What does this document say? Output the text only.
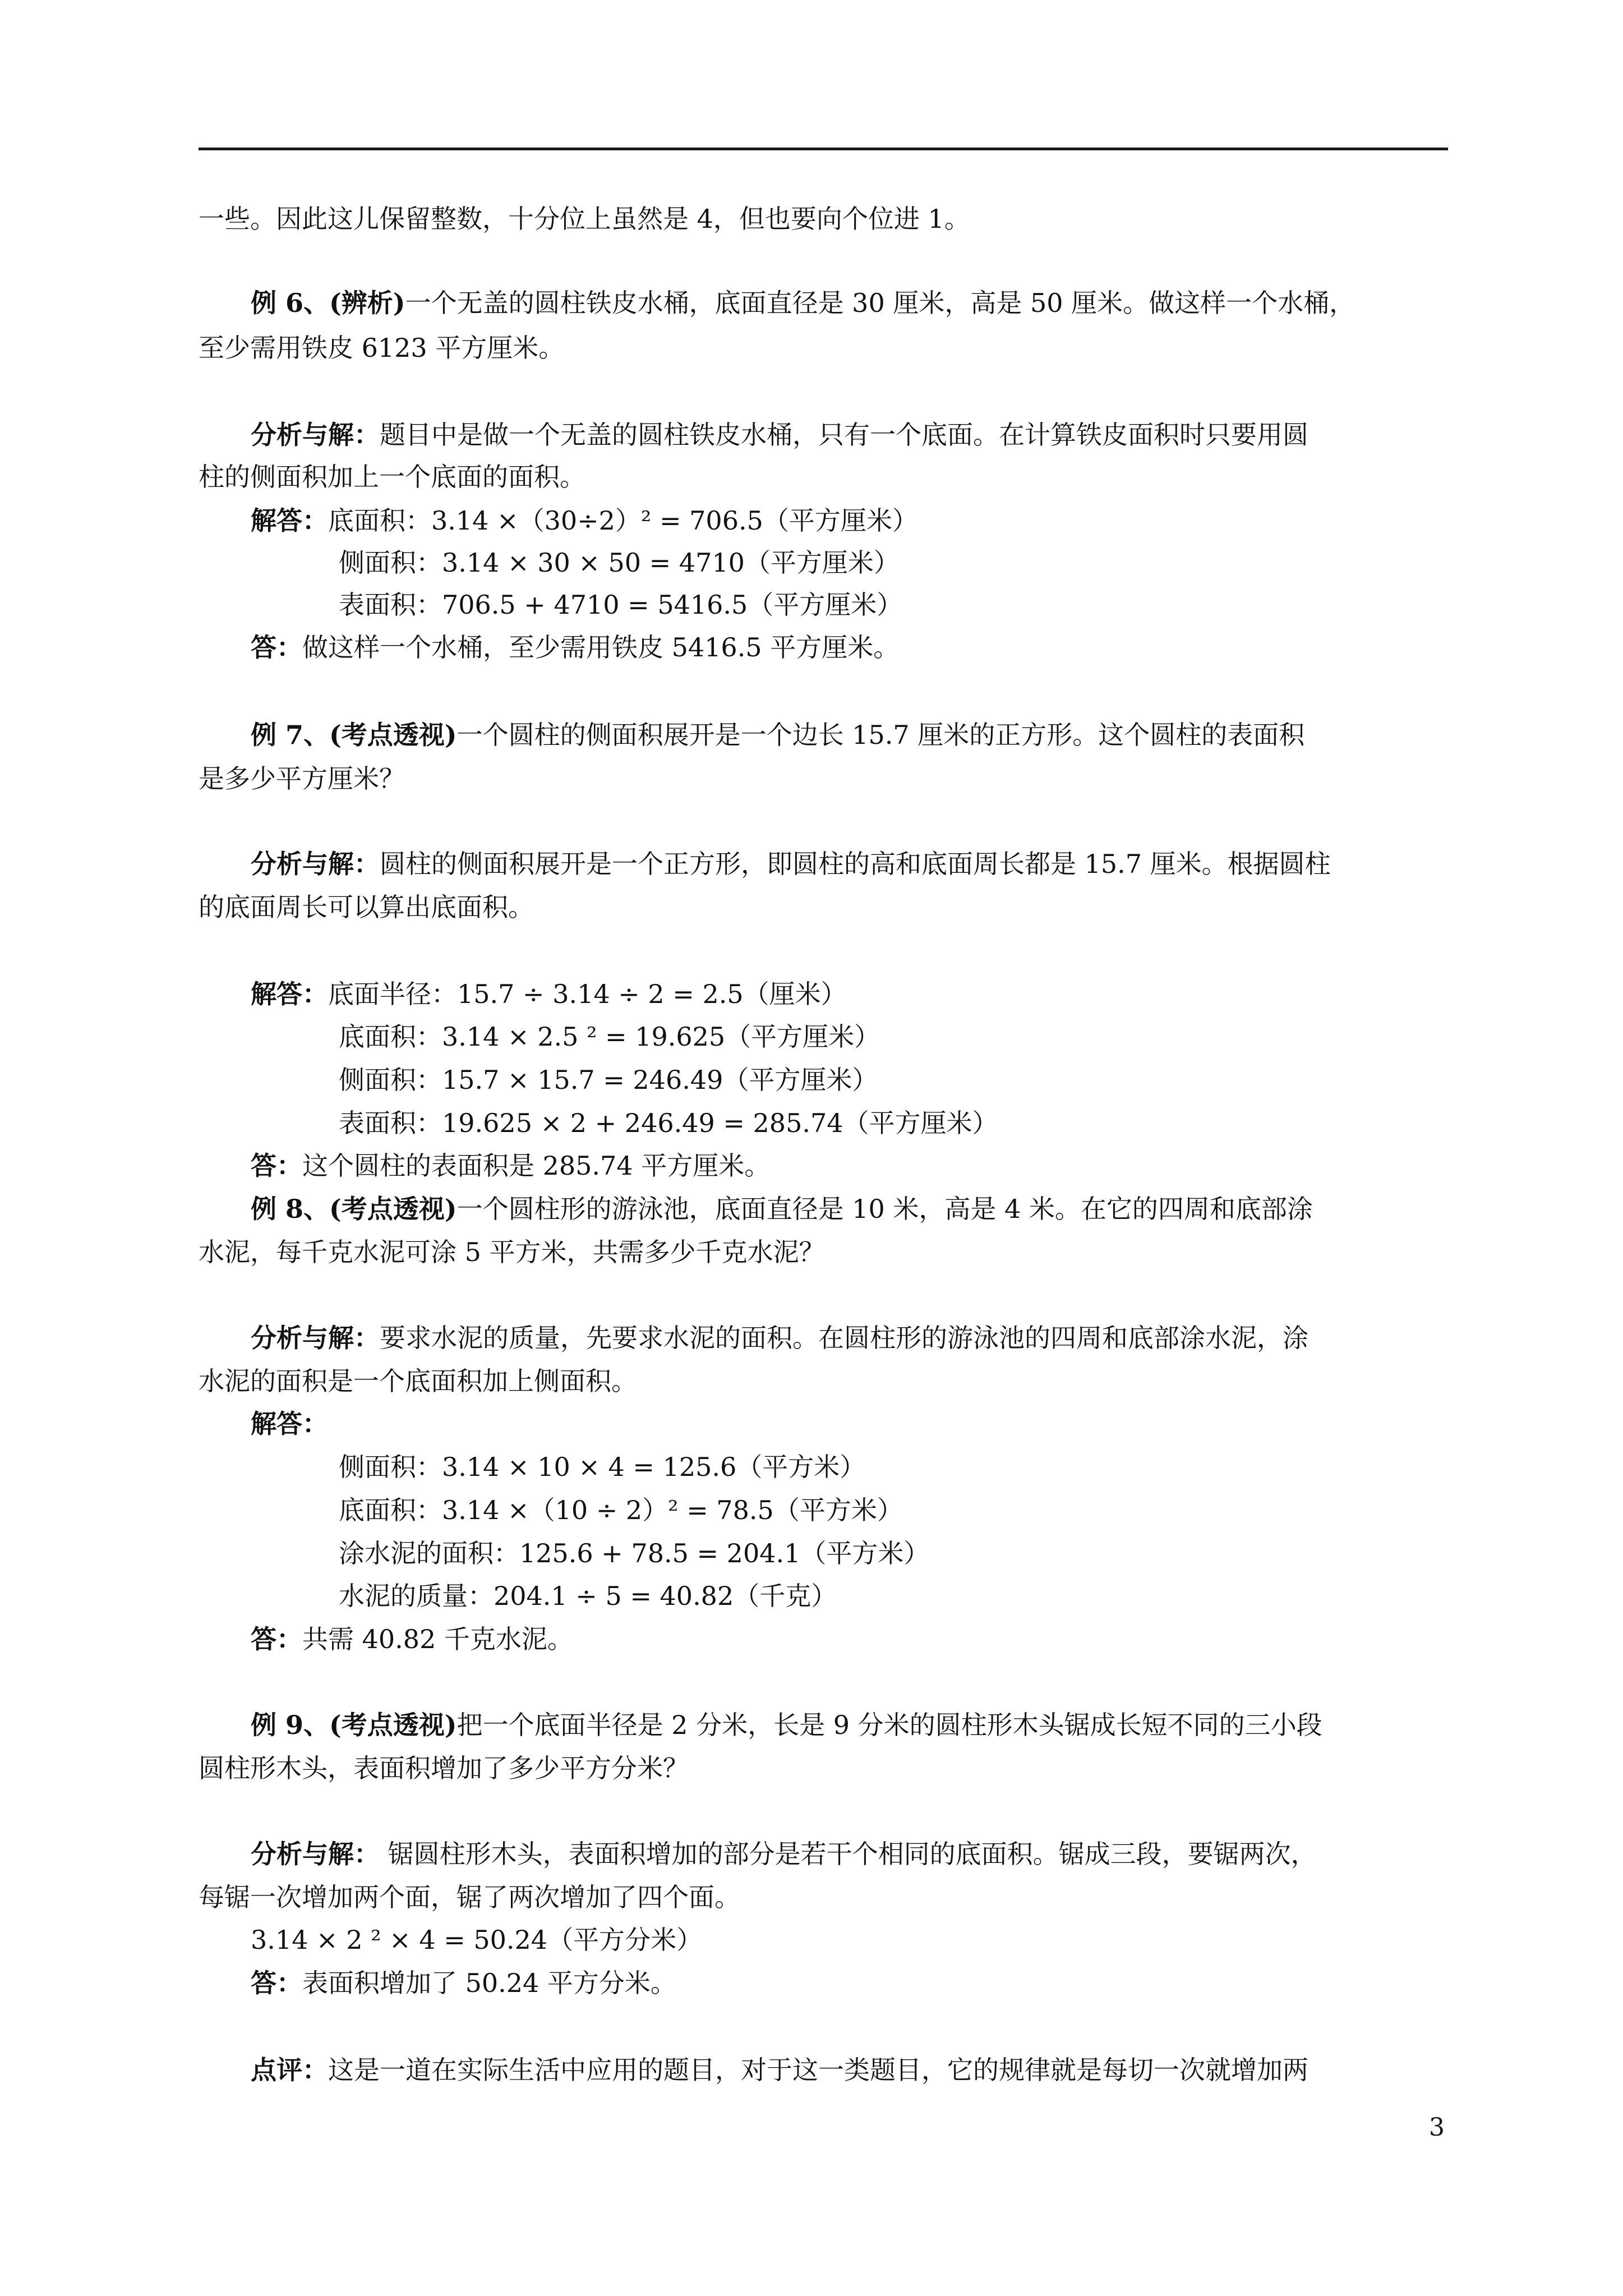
一些。因此这儿保留整数，十分位上虽然是 4，但也要向个位进 1。

例 6、(辨析)一个无盖的圆柱铁皮水桶，底面直径是 30 厘米，高是 50 厘米。做这样一个水桶，

至少需用铁皮 6123 平方厘米。

分析与解：题目中是做一个无盖的圆柱铁皮水桶，只有一个底面。在计算铁皮面积时只要用圆

柱的侧面积加上一个底面的面积。

解答：底面积：3.14 ×（30÷2）² = 706.5（平方厘米）

侧面积：3.14 × 30 × 50 = 4710（平方厘米）

表面积：706.5 + 4710 = 5416.5（平方厘米）

答：做这样一个水桶，至少需用铁皮 5416.5 平方厘米。

例 7、(考点透视)一个圆柱的侧面积展开是一个边长 15.7 厘米的正方形。这个圆柱的表面积

是多少平方厘米？

分析与解：圆柱的侧面积展开是一个正方形，即圆柱的高和底面周长都是 15.7 厘米。根据圆柱

的底面周长可以算出底面积。

解答：底面半径：15.7 ÷ 3.14 ÷ 2 = 2.5（厘米）

底面积：3.14 × 2.5 ² = 19.625（平方厘米）

侧面积：15.7 × 15.7 = 246.49（平方厘米）

表面积：19.625 × 2 + 246.49 = 285.74（平方厘米）

答：这个圆柱的表面积是 285.74 平方厘米。

例 8、(考点透视)一个圆柱形的游泳池，底面直径是 10 米，高是 4 米。在它的四周和底部涂

水泥，每千克水泥可涂 5 平方米，共需多少千克水泥？

分析与解：要求水泥的质量，先要求水泥的面积。在圆柱形的游泳池的四周和底部涂水泥，涂

水泥的面积是一个底面积加上侧面积。

解答：

侧面积：3.14 × 10 × 4 = 125.6（平方米）

底面积：3.14 ×（10 ÷ 2）² = 78.5（平方米）

涂水泥的面积：125.6 + 78.5 = 204.1（平方米）

水泥的质量：204.1 ÷ 5 = 40.82（千克）

答：共需 40.82 千克水泥。

例 9、(考点透视)把一个底面半径是 2 分米，长是 9 分米的圆柱形木头锯成长短不同的三小段

圆柱形木头，表面积增加了多少平方分米？

分析与解： 锯圆柱形木头，表面积增加的部分是若干个相同的底面积。锯成三段，要锯两次，

每锯一次增加两个面，锯了两次增加了四个面。

3.14 × 2 ² × 4 = 50.24（平方分米）

答：表面积增加了 50.24 平方分米。

点评：这是一道在实际生活中应用的题目，对于这一类题目，它的规律就是每切一次就增加两

3
